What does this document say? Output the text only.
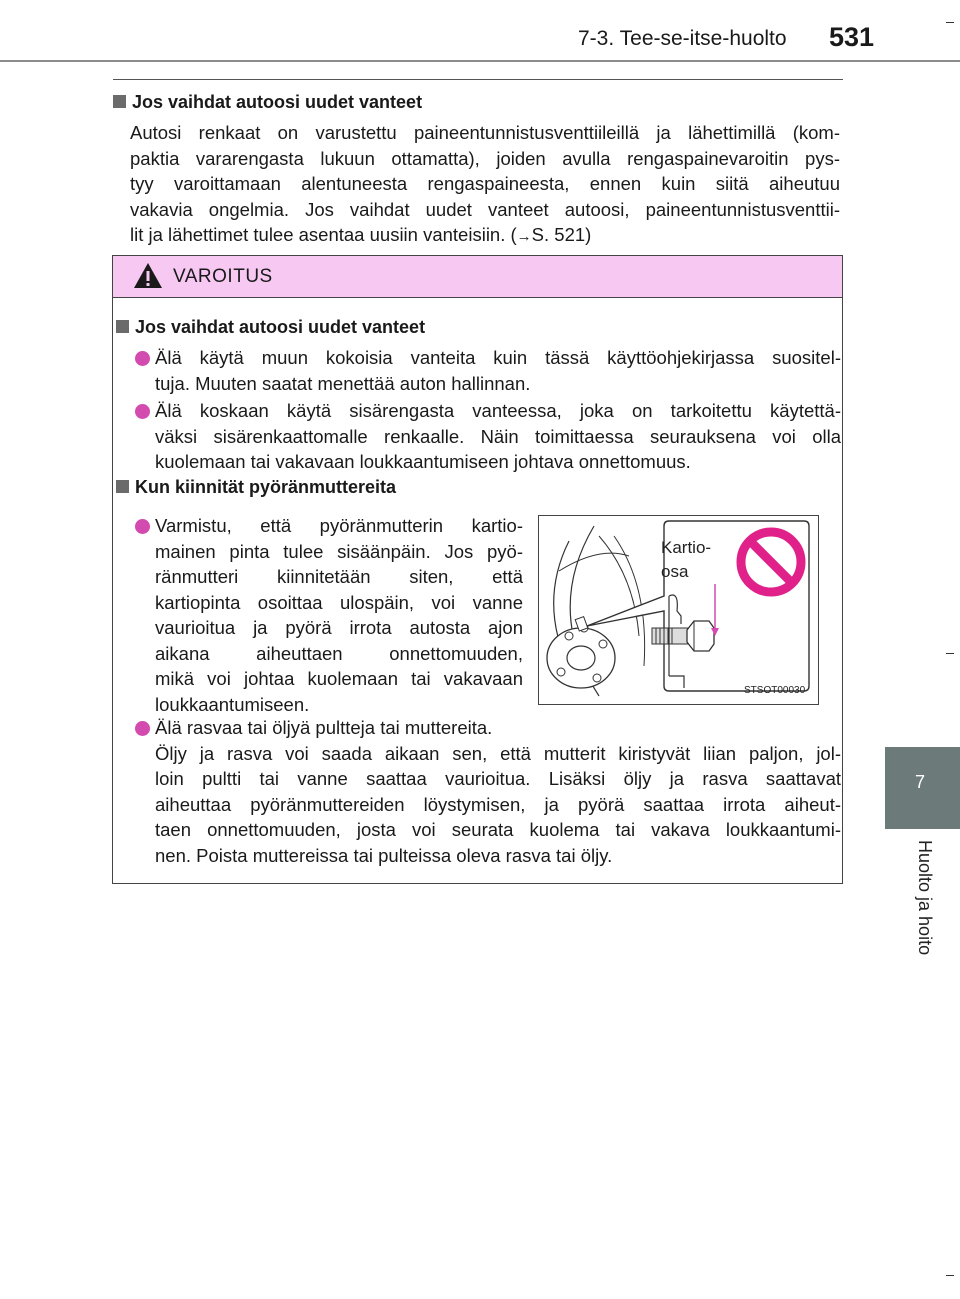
7-3. Tee-se-itse-huolto 531
7
Huolto ja hoito
Jos vaihdat autoosi uudet vanteet
Autosi renkaat on varustettu paineentunnistusventtiileillä ja lähettimillä (kom-
paktia vararengasta lukuun ottamatta), joiden avulla rengaspainevaroitin pys-
tyy varoittamaan alentuneesta rengaspaineesta, ennen kuin siitä aiheutuu
vakavia ongelmia. Jos vaihdat uudet vanteet autoosi, paineentunnistusventtii-
lit ja lähettimet tulee asentaa uusiin vanteisiin. (→S. 521)
VAROITUS
Jos vaihdat autoosi uudet vanteet
Älä käytä muun kokoisia vanteita kuin tässä käyttöohjekirjassa suositel-
tuja. Muuten saatat menettää auton hallinnan.
Älä koskaan käytä sisärengasta vanteessa, joka on tarkoitettu käytettä-
väksi sisärenkaattomalle renkaalle. Näin toimittaessa seurauksena voi olla
kuolemaan tai vakavaan loukkaantumiseen johtava onnettomuus.
Kun kiinnität pyöränmuttereita
Varmistu, että pyöränmutterin kartio-
mainen pinta tulee sisäänpäin. Jos pyö-
ränmutteri kiinnitetään siten, että
kartiopinta osoittaa ulospäin, voi vanne
vaurioitua ja pyörä irrota autosta ajon
aikana aiheuttaen onnettomuuden,
mikä voi johtaa kuolemaan tai vakavaan
loukkaantumiseen.
Älä rasvaa tai öljyä pultteja tai muttereita.
Öljy ja rasva voi saada aikaan sen, että mutterit kiristyvät liian paljon, jol-
loin pultti tai vanne saattaa vaurioitua. Lisäksi öljy ja rasva saattavat
aiheuttaa pyöränmuttereiden löystymisen, ja pyörä saattaa irrota aiheut-
taen onnettomuuden, josta voi seurata kuolema tai vakava loukkaantumi-
nen. Poista muttereissa tai pulteissa oleva rasva tai öljy.
Kartio-
osa
STSOT00030
